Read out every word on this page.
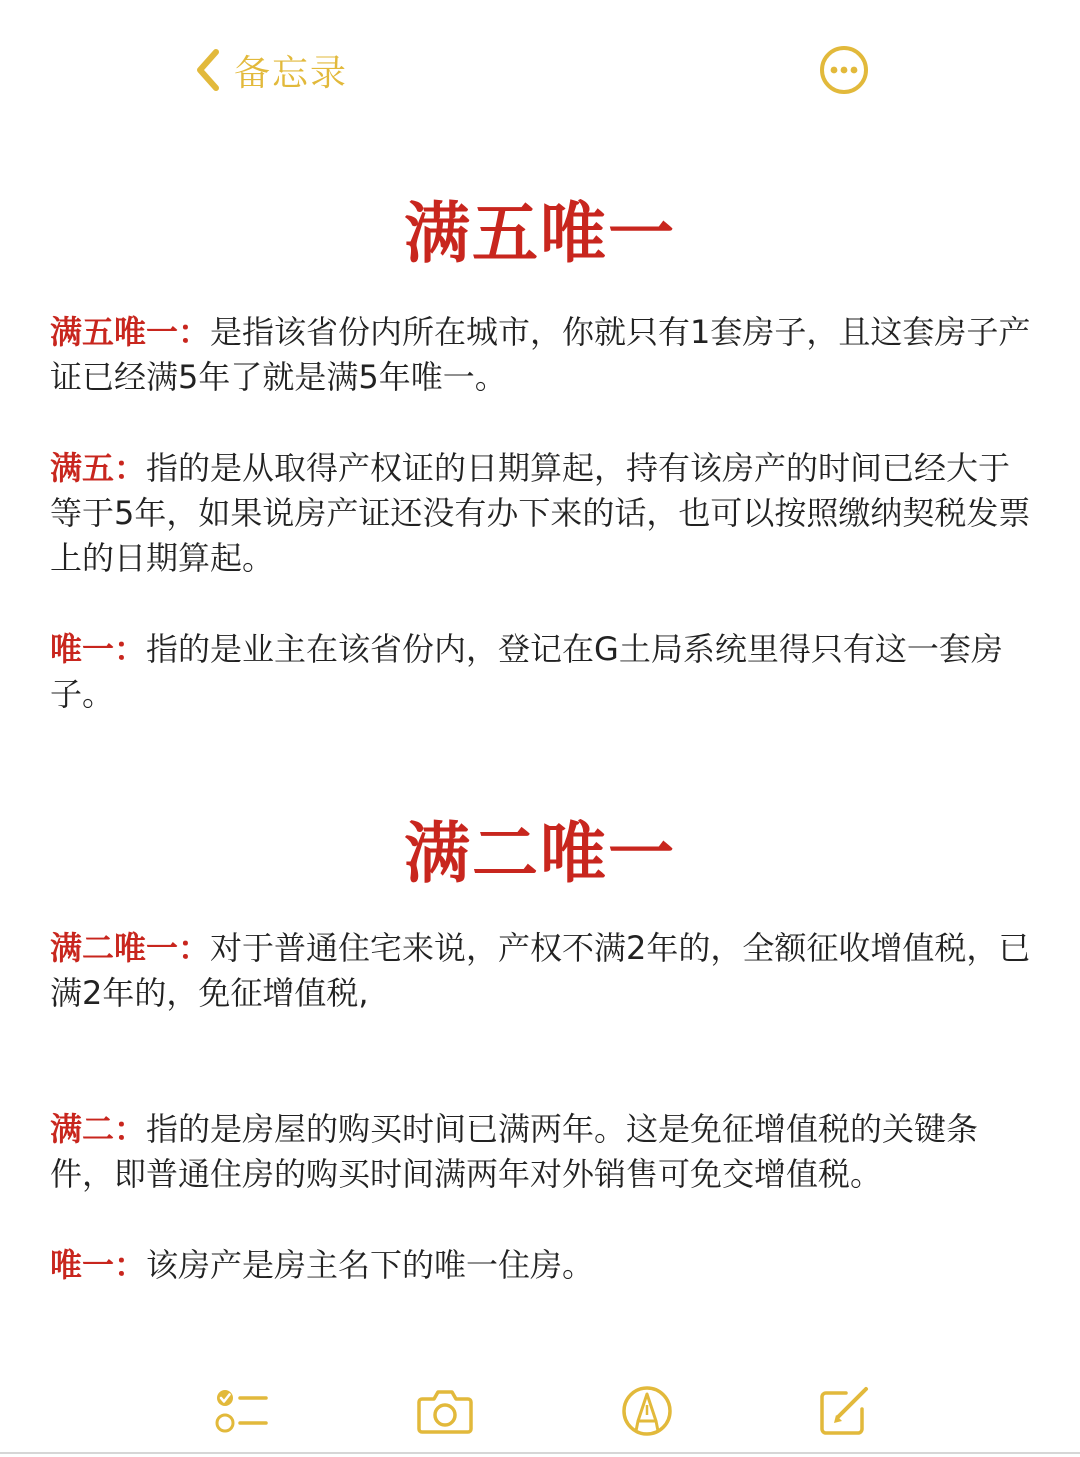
备忘录
满五唯一
满五唯一：是指该省份内所在城市，你就只有1套房子，且这套房子产证已经满5年了就是满5年唯一。
满五：指的是从取得产权证的日期算起，持有该房产的时间已经大于等于5年，如果说房产证还没有办下来的话，也可以按照缴纳契税发票上的日期算起。
唯一：指的是业主在该省份内，登记在G土局系统里得只有这一套房子。
满二唯一
满二唯一：对于普通住宅来说，产权不满2年的，全额征收增值税，已满2年的，免征增值税,
满二：指的是房屋的购买时间已满两年。这是免征增值税的关键条件，即普通住房的购买时间满两年对外销售可免交增值税。
唯一：该房产是房主名下的唯一住房。
